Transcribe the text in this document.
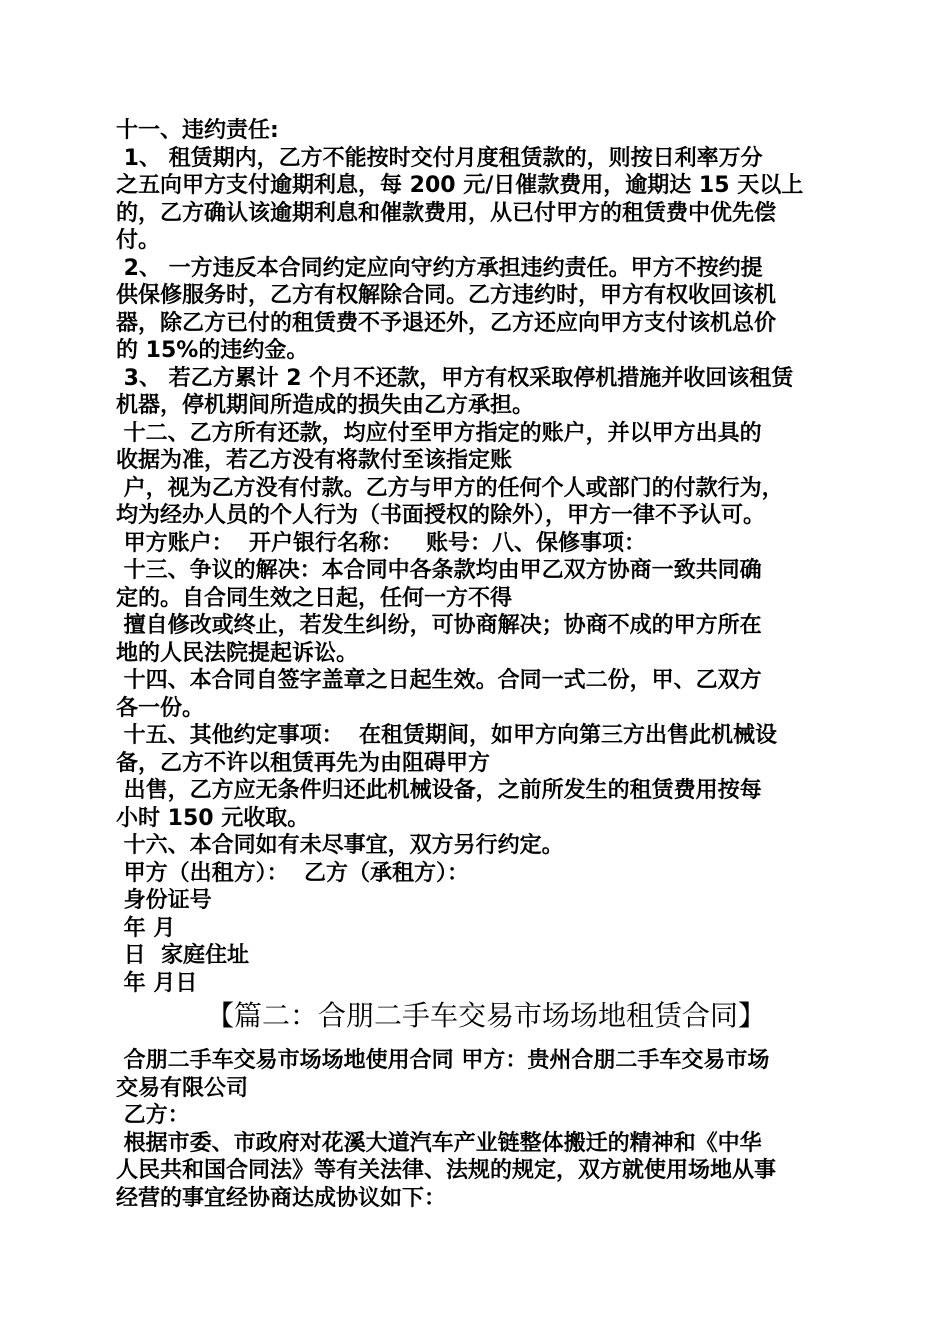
十一、违约责任:
1、 租赁期内，乙方不能按时交付月度租赁款的，则按日利率万分
之五向甲方支付逾期利息，每 200 元/日催款费用，逾期达 15 天以上
的，乙方确认该逾期利息和催款费用，从已付甲方的租赁费中优先偿
付。
2、 一方违反本合同约定应向守约方承担违约责任。甲方不按约提
供保修服务时，乙方有权解除合同。乙方违约时，甲方有权收回该机
器，除乙方已付的租赁费不予退还外，乙方还应向甲方支付该机总价
的 15%的违约金。
3、 若乙方累计 2 个月不还款，甲方有权采取停机措施并收回该租赁
机器，停机期间所造成的损失由乙方承担。
十二、乙方所有还款，均应付至甲方指定的账户，并以甲方出具的
收据为准，若乙方没有将款付至该指定账
户，视为乙方没有付款。乙方与甲方的任何个人或部门的付款行为，
均为经办人员的个人行为（书面授权的除外），甲方一律不予认可。
甲方账户：  开户银行名称：   账号：八、保修事项：
十三、争议的解决：本合同中各条款均由甲乙双方协商一致共同确
定的。自合同生效之日起，任何一方不得
擅自修改或终止，若发生纠纷，可协商解决；协商不成的甲方所在
地的人民法院提起诉讼。
十四、本合同自签字盖章之日起生效。合同一式二份，甲、乙双方
各一份。
十五、其他约定事项：  在租赁期间，如甲方向第三方出售此机械设
备，乙方不许以租赁再先为由阻碍甲方
出售，乙方应无条件归还此机械设备，之前所发生的租赁费用按每
小时 150 元收取。
十六、本合同如有未尽事宜，双方另行约定。
甲方（出租方）：  乙方（承租方）：
身份证号
年 月
日  家庭住址
年 月日
【篇二：合朋二手车交易市场场地租赁合同】
合朋二手车交易市场场地使用合同 甲方：贵州合朋二手车交易市场
交易有限公司
乙方：
根据市委、市政府对花溪大道汽车产业链整体搬迁的精神和《中华
人民共和国合同法》等有关法律、法规的规定，双方就使用场地从事
经营的事宜经协商达成协议如下：
